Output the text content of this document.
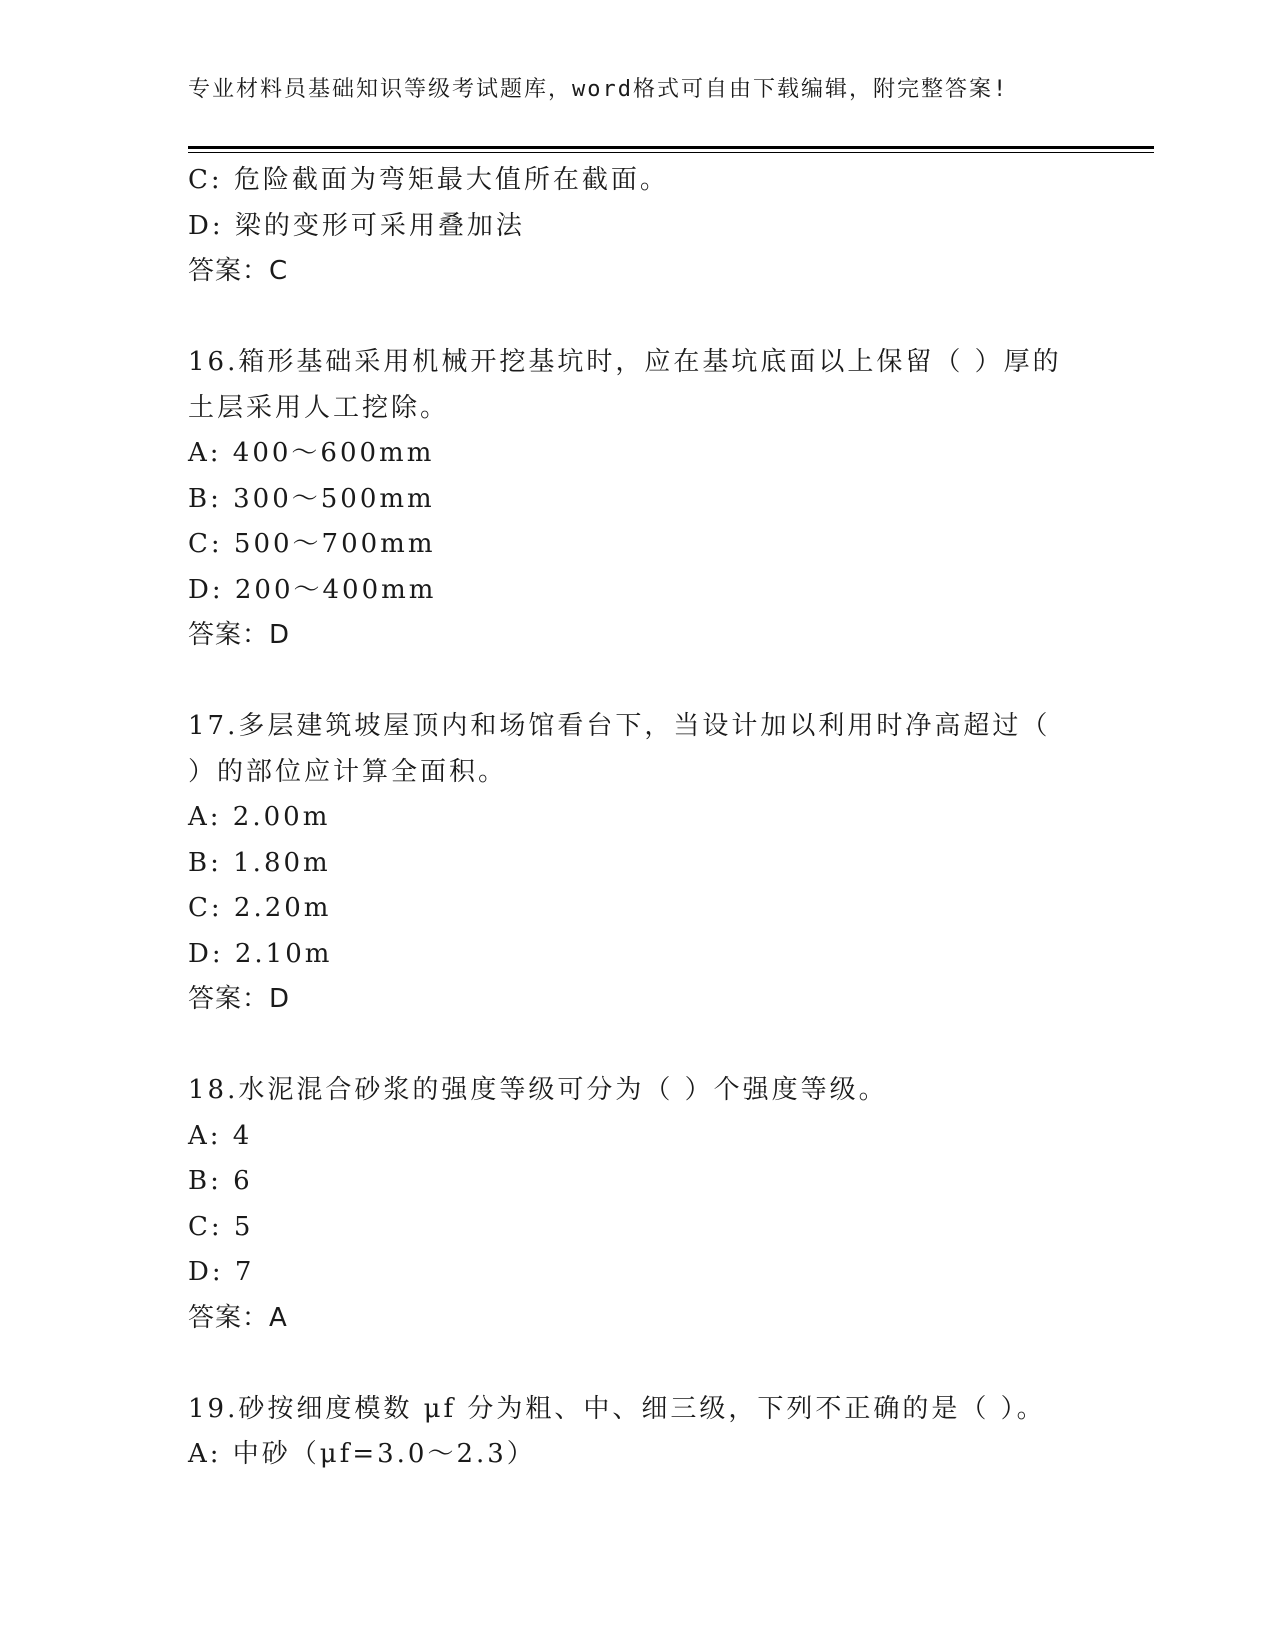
专业材料员基础知识等级考试题库，word格式可自由下载编辑，附完整答案!
C: 危险截面为弯矩最大值所在截面。
D: 梁的变形可采用叠加法
答案：C
16.箱形基础采用机械开挖基坑时，应在基坑底面以上保留（ ）厚的
土层采用人工挖除。
A: 400～600mm
B: 300～500mm
C: 500～700mm
D: 200～400mm
答案：D
17.多层建筑坡屋顶内和场馆看台下，当设计加以利用时净高超过（
）的部位应计算全面积。
A: 2.00m
B: 1.80m
C: 2.20m
D: 2.10m
答案：D
18.水泥混合砂浆的强度等级可分为（ ）个强度等级。
A: 4
B: 6
C: 5
D: 7
答案：A
19.砂按细度模数 μf 分为粗、中、细三级，下列不正确的是（ ）。
A: 中砂（μf=3.0～2.3）
